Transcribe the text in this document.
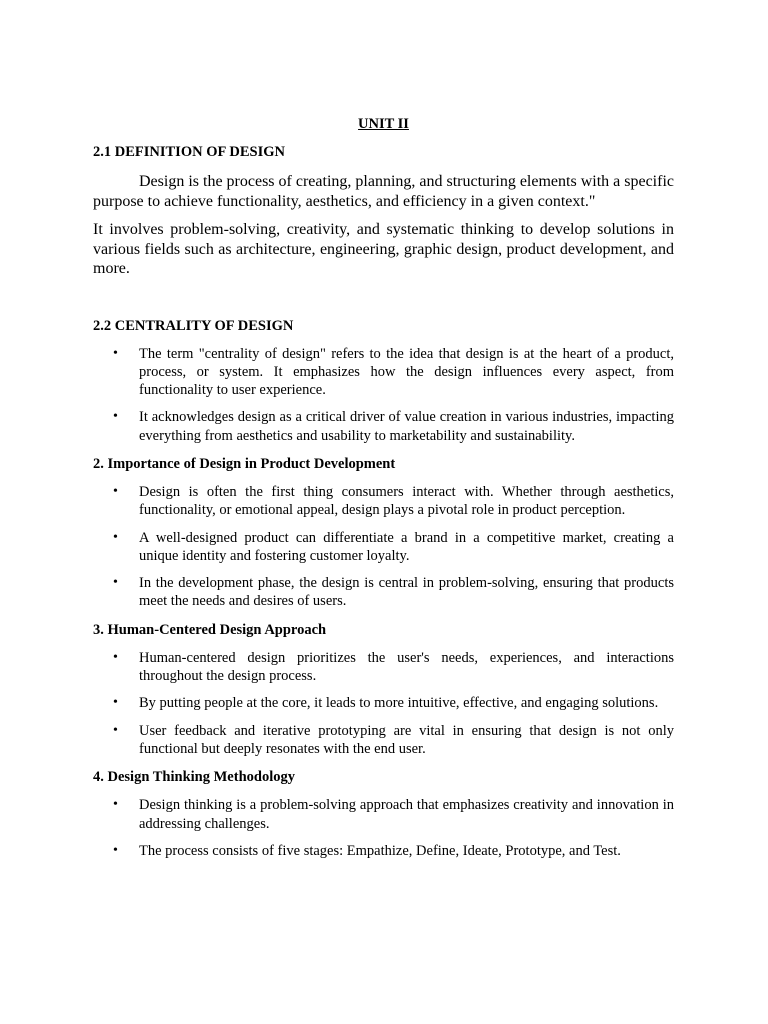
UNIT II
2.1 DEFINITION OF DESIGN

Design is the process of creating, planning, and structuring elements with a specific purpose to achieve functionality, aesthetics, and efficiency in a given context."

It involves problem-solving, creativity, and systematic thinking to develop solutions in various fields such as architecture, engineering, graphic design, product development, and more.

2.2 CENTRALITY OF DESIGN
• The term "centrality of design" refers to the idea that design is at the heart of a product, process, or system. It emphasizes how the design influences every aspect, from functionality to user experience.
• It acknowledges design as a critical driver of value creation in various industries, impacting everything from aesthetics and usability to marketability and sustainability.
2. Importance of Design in Product Development
• Design is often the first thing consumers interact with. Whether through aesthetics, functionality, or emotional appeal, design plays a pivotal role in product perception.
• A well-designed product can differentiate a brand in a competitive market, creating a unique identity and fostering customer loyalty.
• In the development phase, the design is central in problem-solving, ensuring that products meet the needs and desires of users.
3. Human-Centered Design Approach
• Human-centered design prioritizes the user's needs, experiences, and interactions throughout the design process.
• By putting people at the core, it leads to more intuitive, effective, and engaging solutions.
• User feedback and iterative prototyping are vital in ensuring that design is not only functional but deeply resonates with the end user.
4. Design Thinking Methodology
• Design thinking is a problem-solving approach that emphasizes creativity and innovation in addressing challenges.
• The process consists of five stages: Empathize, Define, Ideate, Prototype, and Test.
